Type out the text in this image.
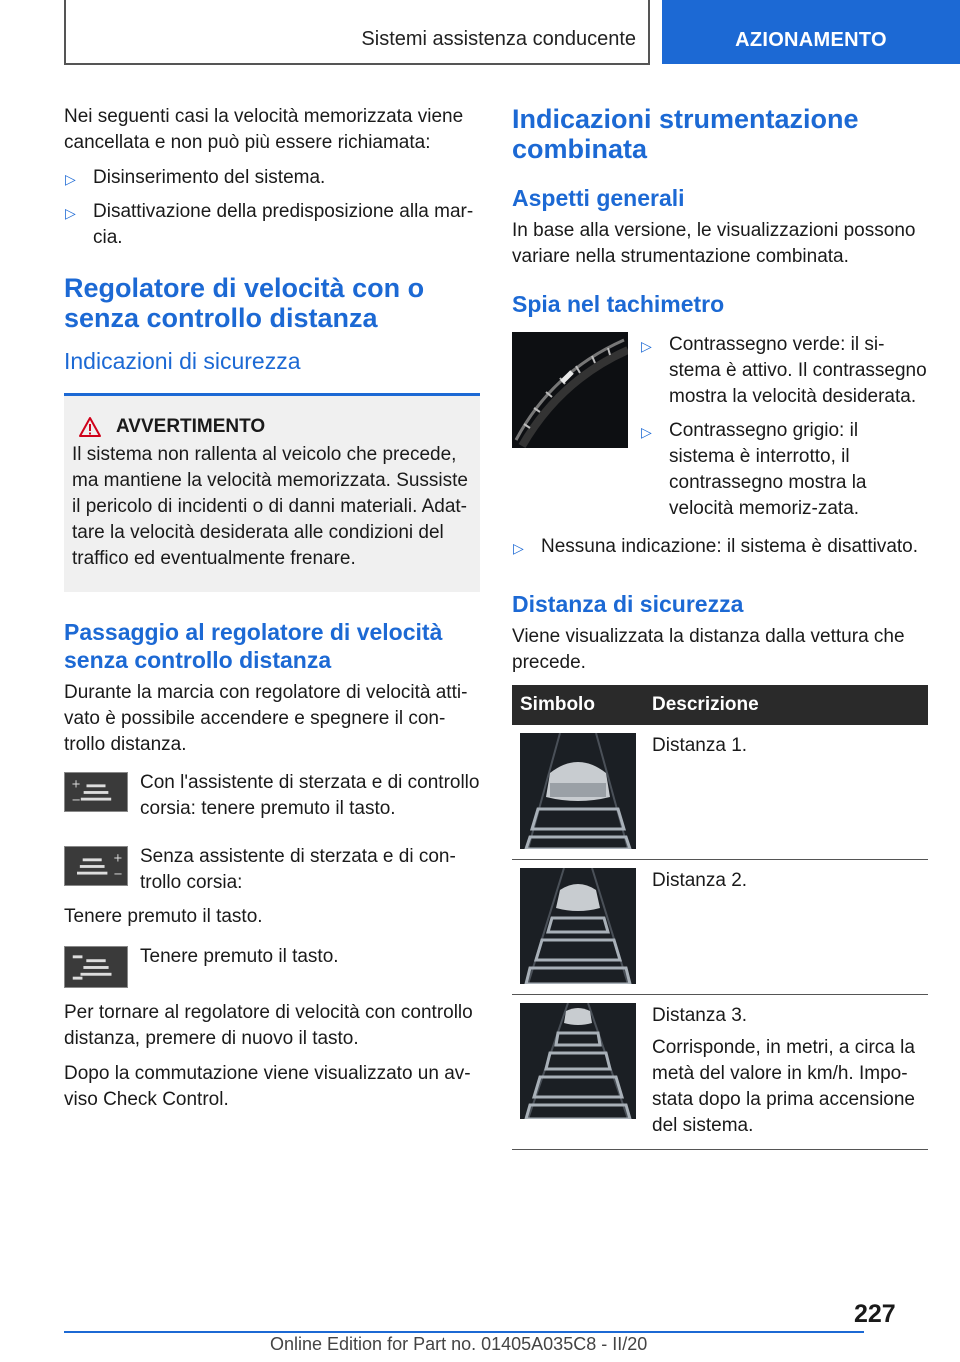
Sistemi assistenza conducente	AZIONAMENTO

Nei seguenti casi la velocità memorizzata viene cancellata e non può più essere richiamata:

▷ Disinserimento del sistema.
▷ Disattivazione della predisposizione alla mar-cia.
Regolatore di velocità con o senza controllo distanza
Indicazioni di sicurezza
AVVERTIMENTO

Il sistema non rallenta al veicolo che precede, ma mantiene la velocità memorizzata. Sussiste il pericolo di incidenti o di danni materiali. Adat-tare la velocità desiderata alle condizioni del traffico ed eventualmente frenare.

Passaggio al regolatore di velocità senza controllo distanza

Durante la marcia con regolatore di velocità atti-vato è possibile accendere e spegnere il con-trollo distanza.

+
−
Con l'assistente di sterzata e di controllo corsia: tenere premuto il tasto.
+
−
Senza assistente di sterzata e di con-trollo corsia:

Tenere premuto il tasto.

Tenere premuto il tasto.

Per tornare al regolatore di velocità con controllo distanza, premere di nuovo il tasto.

Dopo la commutazione viene visualizzato un av-viso Check Control.

Indicazioni strumentazione combinata
Aspetti generali

In base alla versione, le visualizzazioni possono variare nella strumentazione combinata.

Spia nel tachimetro
▷ Contrassegno verde: il si-stema è attivo. Il contrassegno mostra la velocità desiderata.
▷ Contrassegno grigio: il sistema è interrotto, il contrassegno mostra la velocità memoriz-zata.
▷ Nessuna indicazione: il sistema è disattivato.
Distanza di sicurezza

Viene visualizzata la distanza dalla vettura che precede.

Simbolo	Descrizione

	Distanza 1.

	Distanza 2.

Distanza 3.
Corrisponde, in metri, a circa la metà del valore in km/h. Impo-stata dopo la prima accensione del sistema.
227
Online Edition for Part no. 01405A035C8 - II/20
